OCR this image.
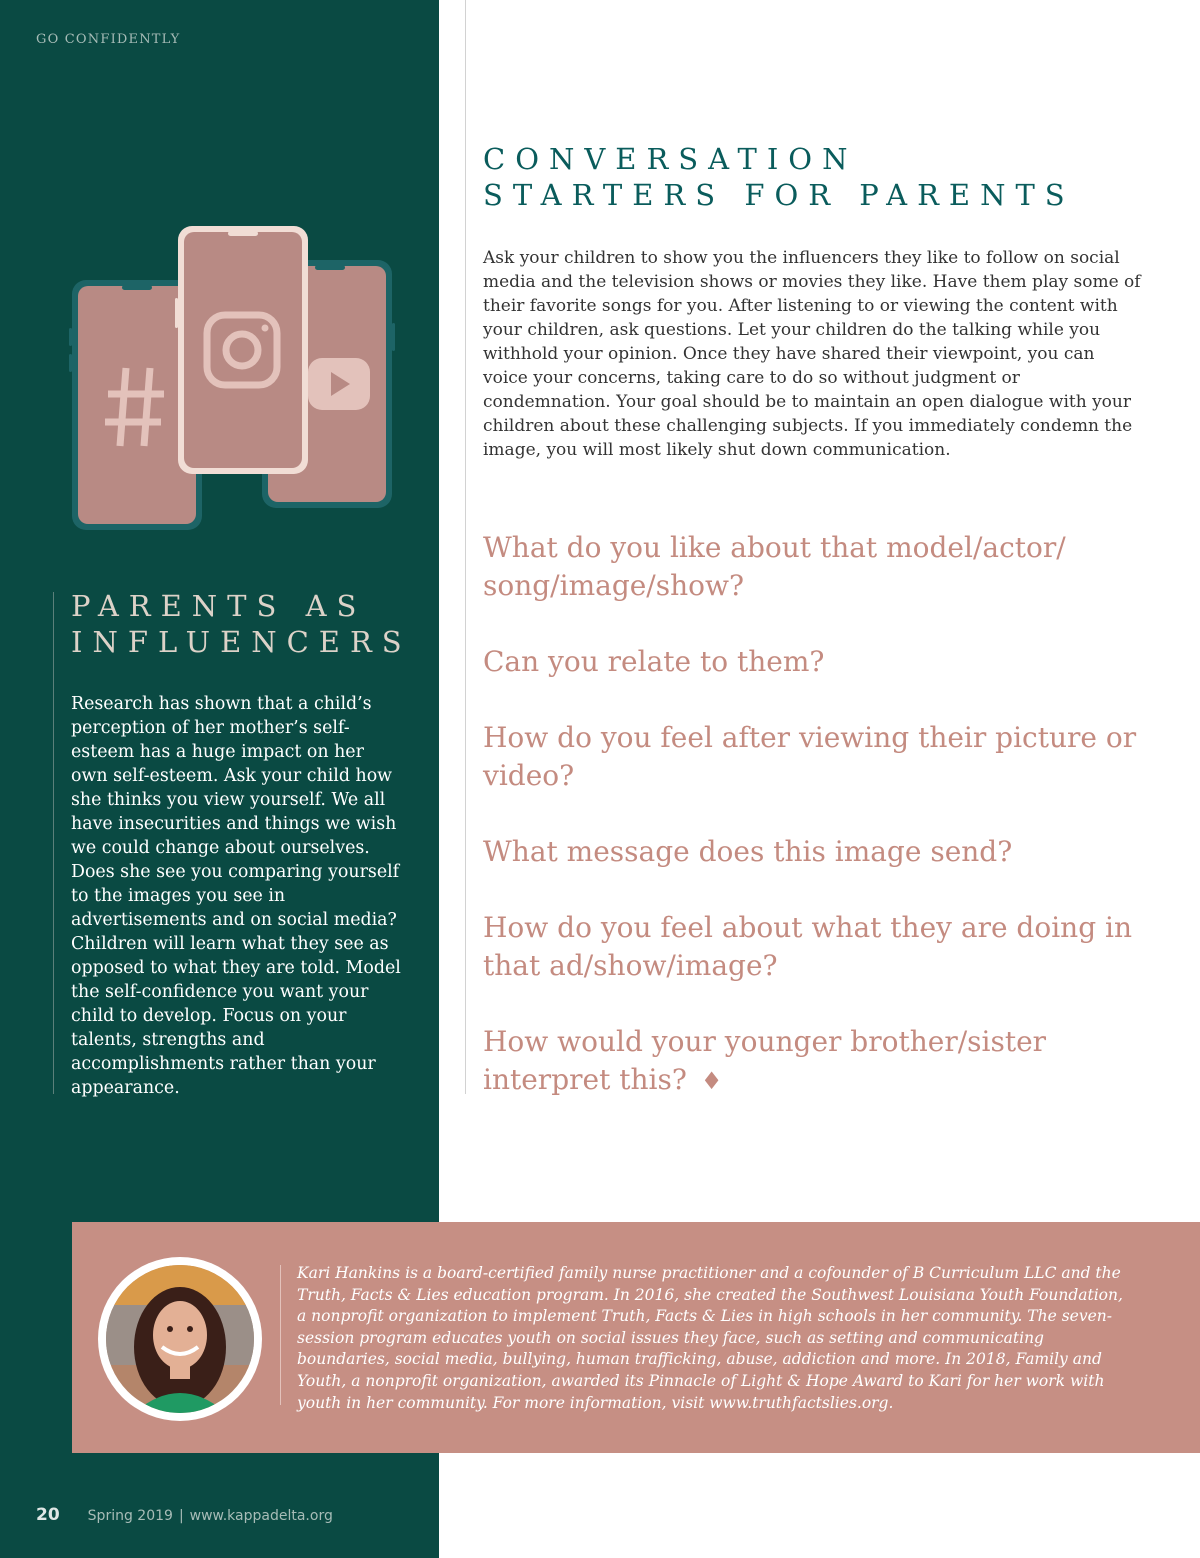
GO CONFIDENTLY
PARENTS AS
INFLUENCERS

Research has shown that a child’s perception of her mother’s self-esteem has a huge impact on her own self-esteem. Ask your child how she thinks you view yourself. We all have insecurities and things we wish we could change about ourselves. Does she see you comparing yourself to the images you see in advertisements and on social media? Children will learn what they see as opposed to what they are told. Model the self-confidence you want your child to develop. Focus on your talents, strengths and accomplishments rather than your appearance.

CONVERSATION
STARTERS FOR PARENTS

Ask your children to show you the influencers they like to follow on social media and the television shows or movies they like. Have them play some of their favorite songs for you. After listening to or viewing the content with your children, ask questions. Let your children do the talking while you withhold your opinion. Once they have shared their viewpoint, you can voice your concerns, taking care to do so without judgment or condemnation. Your goal should be to maintain an open dialogue with your children about these challenging subjects. If you immediately condemn the image, you will most likely shut down communication.

What do you like about that model/actor/ song/image/show?
Can you relate to them?
How do you feel after viewing their picture or video?
What message does this image send?
How do you feel about what they are doing in that ad/show/image?
How would your younger brother/sister interpret this? ♦

Kari Hankins is a board-certified family nurse practitioner and a cofounder of B Curriculum LLC and the Truth, Facts & Lies education program. In 2016, she created the Southwest Louisiana Youth Foundation, a nonprofit organization to implement Truth, Facts & Lies in high schools in her community. The seven-session program educates youth on social issues they face, such as setting and communicating boundaries, social media, bullying, human trafficking, abuse, addiction and more. In 2018, Family and Youth, a nonprofit organization, awarded its Pinnacle of Light & Hope Award to Kari for her work with youth in her community. For more information, visit www.truthfactslies.org.

20 Spring 2019 | www.kappadelta.org
